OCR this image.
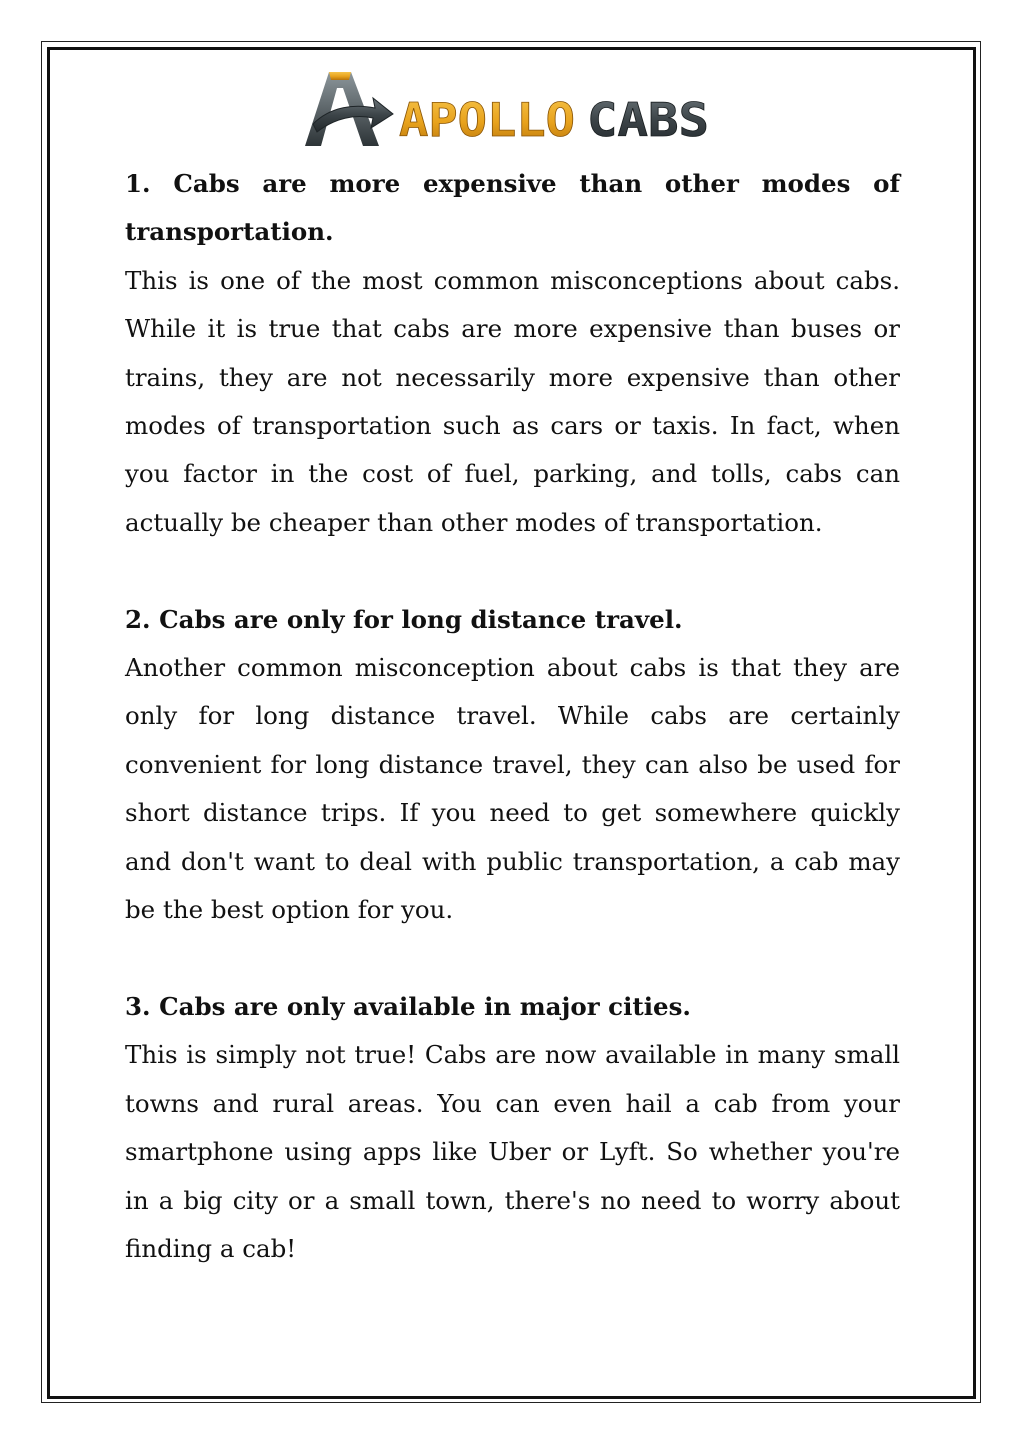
APOLLO CABS

1. Cabs are more expensive than other modes of transportation.

This is one of the most common misconceptions about cabs. While it is true that cabs are more expensive than buses or trains, they are not necessarily more expensive than other modes of transportation such as cars or taxis. In fact, when you factor in the cost of fuel, parking, and tolls, cabs can actually be cheaper than other modes of transportation.

2. Cabs are only for long distance travel.

Another common misconception about cabs is that they are only for long distance travel. While cabs are certainly convenient for long distance travel, they can also be used for short distance trips. If you need to get somewhere quickly and don't want to deal with public transportation, a cab may be the best option for you.

3. Cabs are only available in major cities.

This is simply not true! Cabs are now available in many small towns and rural areas. You can even hail a cab from your smartphone using apps like Uber or Lyft. So whether you're in a big city or a small town, there's no need to worry about finding a cab!
